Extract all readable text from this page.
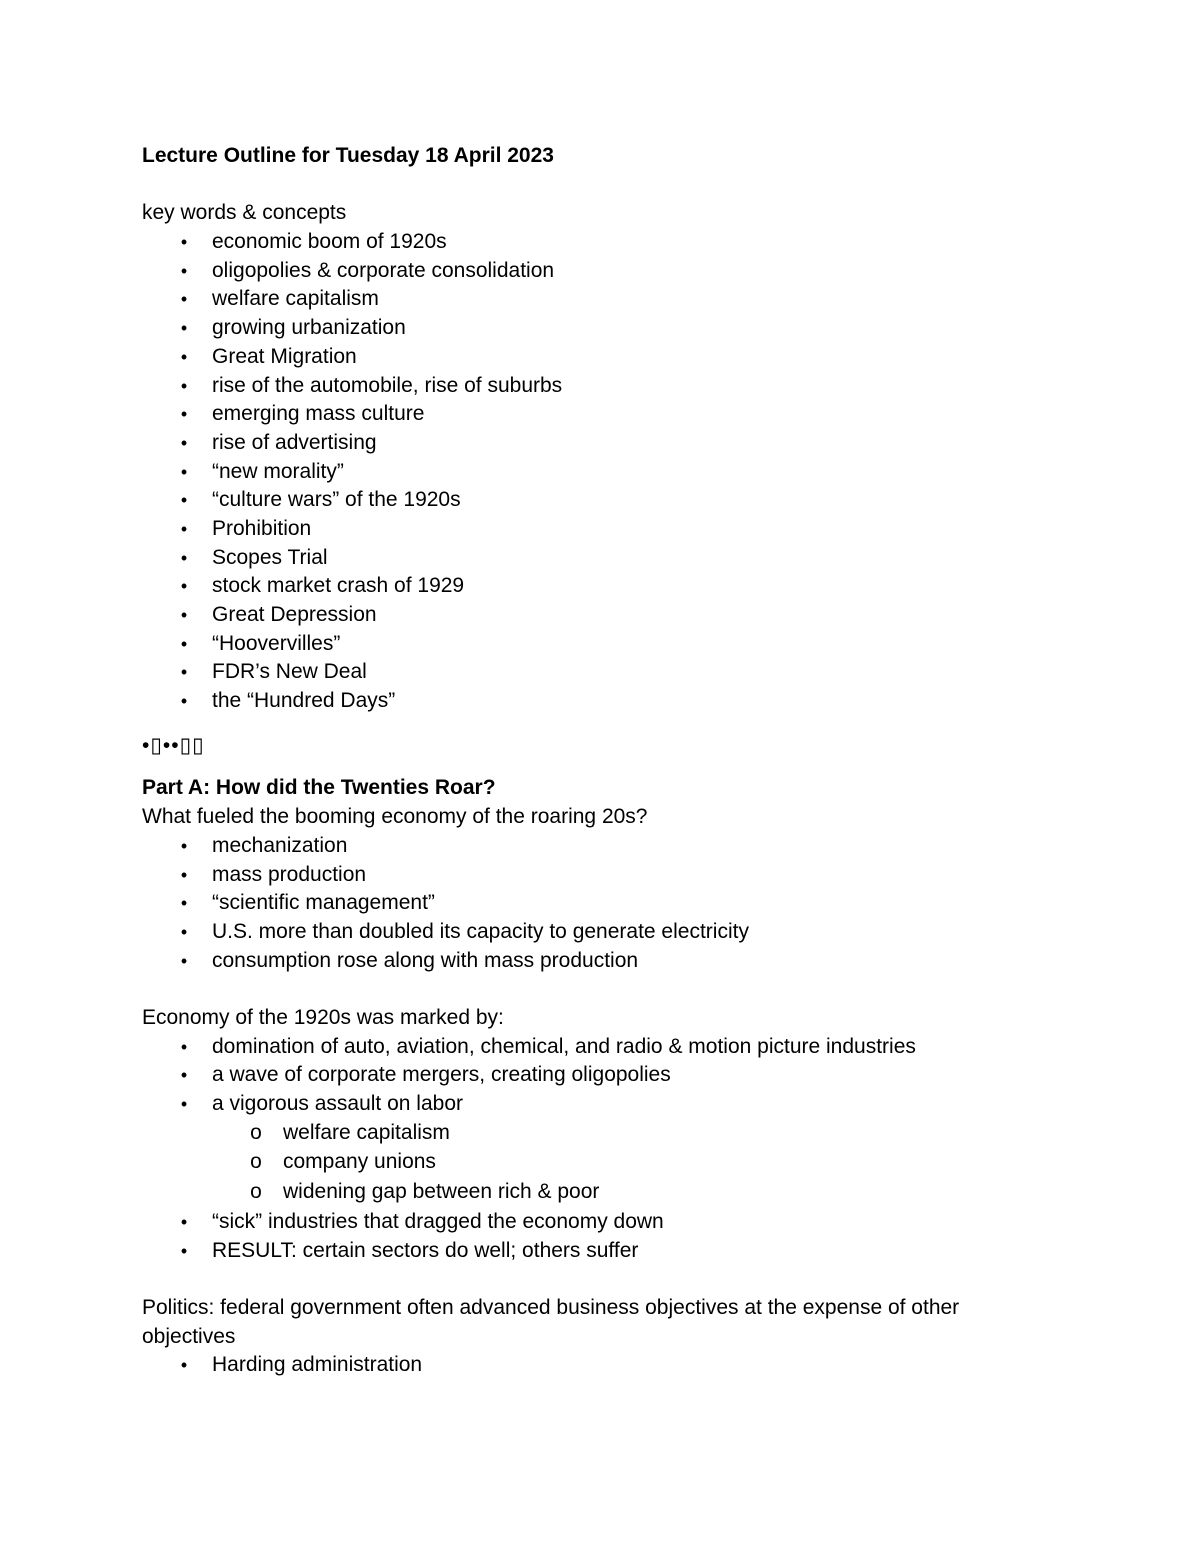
Lecture Outline for Tuesday 18 April 2023

key words & concepts

•	economic boom of 1920s
•	oligopolies & corporate consolidation
•	welfare capitalism
•	growing urbanization
•	Great Migration
•	rise of the automobile, rise of suburbs
•	emerging mass culture
•	rise of advertising
•	“new morality”
•	“culture wars” of the 1920s
•	Prohibition
•	Scopes Trial
•	stock market crash of 1929
•	Great Depression
•	“Hoovervilles”
•	FDR’s New Deal
•	the “Hundred Days”
•▯••▯▯

Part A: How did the Twenties Roar?

What fueled the booming economy of the roaring 20s?

•	mechanization
•	mass production
•	“scientific management”
•	U.S. more than doubled its capacity to generate electricity
•	consumption rose along with mass production

Economy of the 1920s was marked by:

•	domination of auto, aviation, chemical, and radio & motion picture industries
•	a wave of corporate mergers, creating oligopolies
•	a vigorous assault on labor
o welfare capitalism
o company unions
o widening gap between rich & poor
•	“sick” industries that dragged the economy down
•	RESULT: certain sectors do well; others suffer

Politics: federal government often advanced business objectives at the expense of other objectives

•	Harding administration
